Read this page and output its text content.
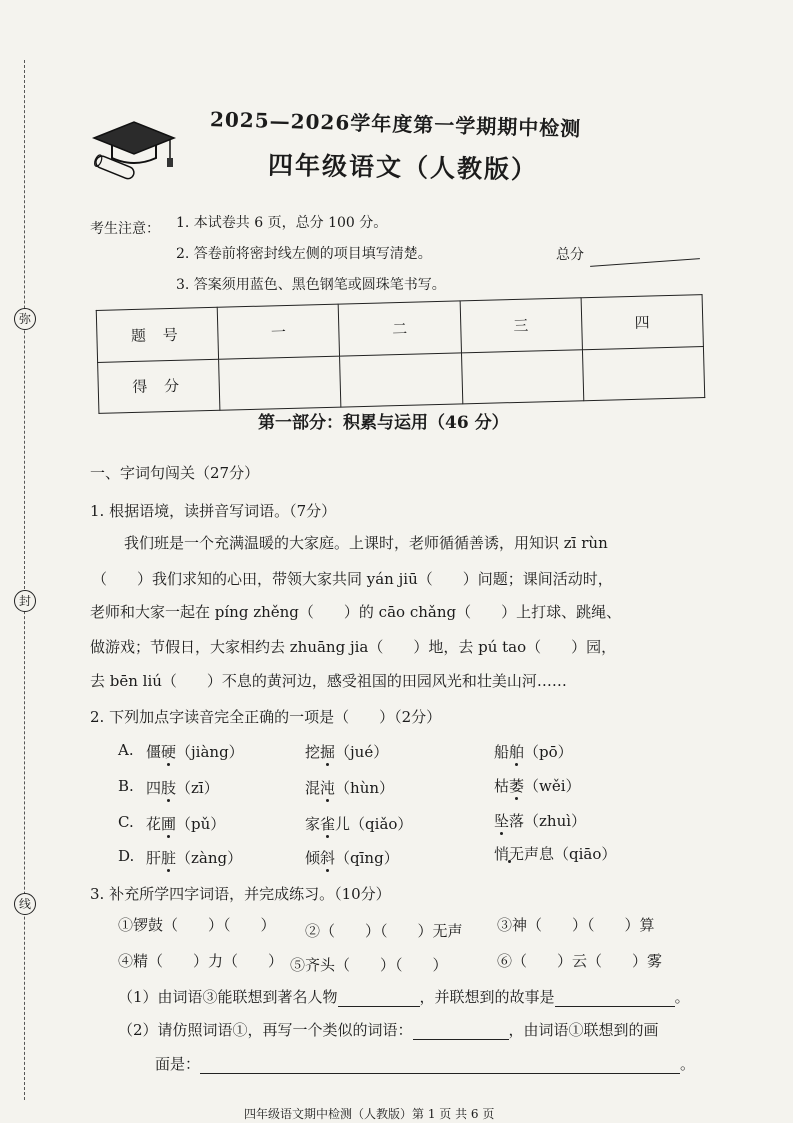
弥
封
线
2025—2026学年度第一学期期中检测
四年级语文（人教版）
考生注意： 1. 本试卷共 6 页，总分 100 分。
2. 答卷前将密封线左侧的项目填写清楚。
3. 答案须用蓝色、黑色钢笔或圆珠笔书写。
总分
题 号	一	二	三	四
得 分				
第一部分：积累与运用（46 分）
一、字词句闯关（27分）
1. 根据语境，读拼音写词语。（7分）
我们班是一个充满温暖的大家庭。上课时，老师循循善诱，用知识 zī rùn
（　　）我们求知的心田，带领大家共同 yán jiū（　　）问题；课间活动时，
老师和大家一起在 píng zhěng（　　）的 cāo chǎng（　　）上打球、跳绳、
做游戏；节假日，大家相约去 zhuāng jia（　　）地，去 pú tao（　　）园，
去 bēn liú（　　）不息的黄河边，感受祖国的田园风光和壮美山河……
2. 下列加点字读音完全正确的一项是（　　）（2分）
A. 僵硬（jiàng）	挖掘（jué）	船舶（pō）
B. 四肢（zī）	混沌（hùn）	枯萎（wěi）
C. 花圃（pǔ）	家雀儿（qiǎo）	坠落（zhuì）
D. 肝脏（zàng）	倾斜（qīng）	悄无声息（qiāo）
3. 补充所学四字词语，并完成练习。（10分）
①锣鼓（　　）（　　） ②（　　）（　　）无声 ③神（　　）（　　）算
④精（　　）力（　　） ⑤齐头（　　）（　　）	⑥（　　）云（　　）雾
（1）由词语③能联想到著名人物	，并联想到的故事是	。
（2）请仿照词语①，再写一个类似的词语：	，由词语①联想到的画
面是：	。
四年级语文期中检测（人教版）第 1 页 共 6 页
